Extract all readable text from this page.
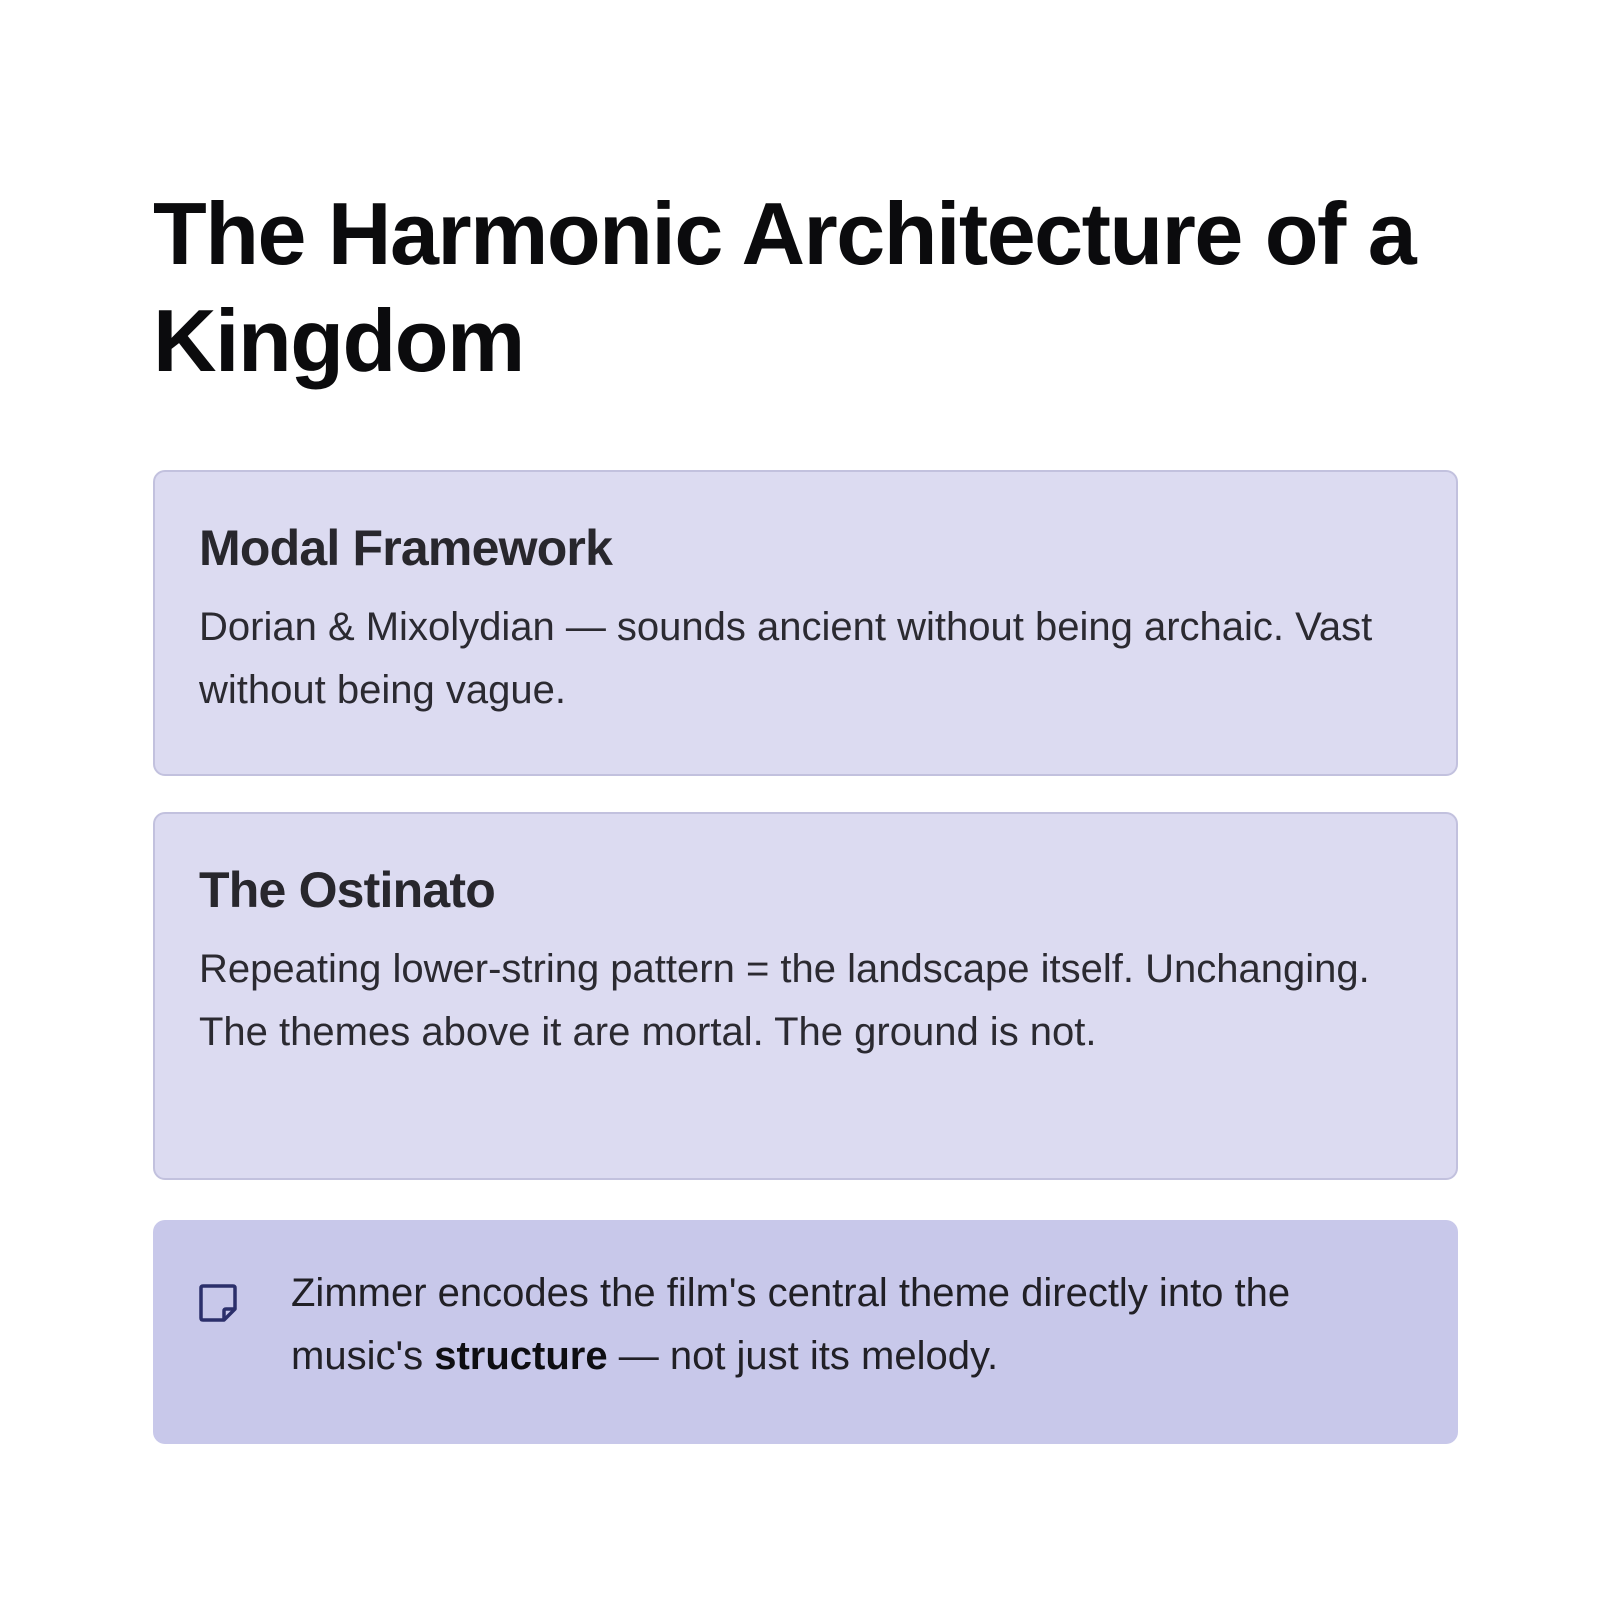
The Harmonic Architecture of a Kingdom
Modal Framework

Dorian & Mixolydian — sounds ancient without being archaic. Vast without being vague.

The Ostinato

Repeating lower-string pattern = the landscape itself. Unchanging. The themes above it are mortal. The ground is not.

Zimmer encodes the film's central theme directly into the music's structure — not just its melody.
